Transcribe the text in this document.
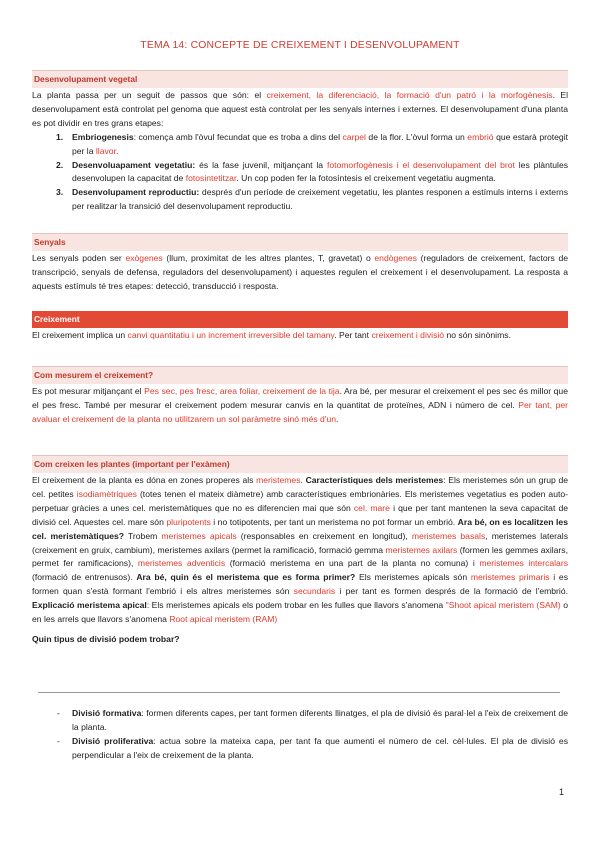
TEMA 14: CONCEPTE DE CREIXEMENT I DESENVOLUPAMENT
Desenvolupament vegetal
La planta passa per un seguit de passos que són: el creixement, la diferenciació, la formació d'un patró i la morfogènesis. El desenvolupament està controlat pel genoma que aquest està controlat per les senyals internes i externes. El desenvolupament d'una planta es pot dividir en tres grans etapes:
1. Embriogenesis: comença amb l'òvul fecundat que es troba a dins del carpel de la flor. L'òvul forma un embrió que estarà protegit per la llavor.
2. Desenvoluapament vegetatiu: és la fase juvenil, mitjançant la fotomorfogènesis i el desenvolupament del brot les plàntules desenvolupen la capacitat de fotosintetitzar. Un cop poden fer la fotosíntesis el creixement vegetatiu augmenta.
3. Desenvolupament reproductiu: després d'un període de creixement vegetatiu, les plantes responen a estímuls interns i externs per realitzar la transició del desenvolupament reproductiu.
Senyals
Les senyals poden ser exògenes (llum, proximitat de les altres plantes, T, gravetat) o endògenes (reguladors de creixement, factors de transcripció, senyals de defensa, reguladors del desenvolupament) i aquestes regulen el creixement i el desenvolupament. La resposta a aquests estímuls té tres etapes: detecció, transducció i resposta.
Creixement
El creixement implica un canvi quantitatiu i un increment irreversible del tamany. Per tant creixement i divisió no són sinònims.
Com mesurem el creixement?
Es pot mesurar mitjançant el Pes sec, pes fresc, area foliar, creixement de la tija. Ara bé, per mesurar el creixement el pes sec és millor que el pes fresc. També per mesurar el creixement podem mesurar canvis en la quantitat de proteïnes, ADN i número de cel. Per tant, per avaluar el creixement de la planta no utilitzarem un sol paràmetre sinó més d'un.
Com creixen les plantes (important per l'exàmen)
El creixement de la planta es dóna en zones properes als meristemes. Característiques dels meristemes: Els meristemes són un grup de cel. petites isodiamètriques (totes tenen el mateix diàmetre) amb característiques embrionàries. Els meristemes vegetatius es poden auto-perpetuar gràcies a unes cel. meristemàtiques que no es diferencien mai que són cel. mare i que per tant mantenen la seva capacitat de divisió cel. Aquestes cel. mare són pluripotents i no totipotents, per tant un meristema no pot formar un embrió. Ara bé, on es localitzen les cel. meristemàtiques? Trobem meristemes apicals (responsables en creixement en longitud), meristemes basals, meristemes laterals (creixement en gruix, cambium), meristemes axilars (permet la ramificació, formació gemma meristemes axilars (formen les gemmes axilars, permet fer ramificacions), meristemes adventicis (formació meristema en una part de la planta no comuna) i meristemes intercalars (formació de entrenusos). Ara bé, quin és el meristema que es forma primer? Els meristemes apicals són meristemes primaris i es formen quan s'està formant l'embrió i els altres meristemes són secundaris i per tant es formen després de la formació de l'embrió. Explicació meristema apical: Els meristemes apicals els podem trobar en les fulles que llavors s'anomena "Shoot apical meristem (SAM) o en les arrels que llavors s'anomena Root apical meristem (RAM)
Quin tipus de divisió podem trobar?
- Divisió formativa: formen diferents capes, per tant formen diferents llinatges, el pla de divisió és paral·lel a l'eix de creixement de la planta.
- Divisió proliferativa: actua sobre la mateixa capa, per tant fa que aumenti el número de cel. cèl·lules. El pla de divisió es perpendicular a l'eix de creixement de la planta.
1
